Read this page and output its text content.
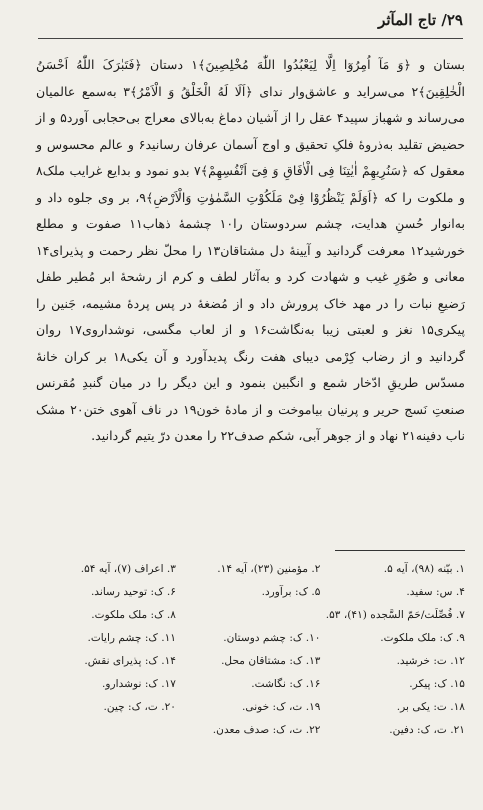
۲۹/ تاج المآثر
بستان و ﴿وَ مَآ اُمِرُوٓا اِلَّا لِیَعْبُدُوا اللّٰهَ مُخْلِصِینَ﴾۱ دستان ﴿فَتَبٰرَکَ اللّٰهُ اَحْسَنُ الْخٰلِقِینَ﴾۲ می‌سراید و عاشق‌وار ندای ﴿اَلَا لَهُ الْخَلْقُ وَ الْاَمْرُ﴾۳ به‌سمع عالمیان می‌رساند و شهباز سپید۴ عقل را از آشیان دماغ به‌بالای معراج بی‌حجابی آورد۵ و از حضیض تقلید به‌ذروهٔ فلکِ تحقیق و اوج آسمان عرفان رسانید۶ و عالم محسوس و معقول که ﴿سَنُرِیهِمْ اٰیٰتِنَا فِی الْاٰفَاقِ وَ فِیٓ اَنْفُسِهِمْ﴾۷ بدو نمود و بدایع غرایب ملک۸ و ملکوت را که ﴿اَوَلَمْ یَنْظُرُوْا فِیْ مَلَکُوْتِ السَّمٰوٰتِ وَالْاَرْضِ﴾۹، بر وی جلوه داد و به‌انوار حُسنِ هدایت، چشم سردوستان را۱۰ چشمهٔ ذهاب۱۱ صفوت و مطلع خورشید۱۲ معرفت گردانید و آیینهٔ دل مشتاقان۱۳ را محلّ نظر رحمت و پذیرای۱۴ معانی و صُوَرِ غیب و شهادت کرد و به‌آثار لطف و کرم از رشحهٔ ابر مُطیر طفل رَضیعِ نبات را در مهد خاک پرورش داد و از مُضغهٔ در پس پردهٔ مشیمه، جَنین را پیکری۱۵ نغز و لعبتی زیبا به‌نگاشت۱۶ و از لعاب مگسی، نوشداروی۱۷ روان گردانید و از رضاب کِرْمی دیبای هفت رنگ پدیدآورد و آن یکی۱۸ بر کران خانهٔ مسدّس طریقِ ادّخار شمع و انگبین بنمود و این دیگر را در میان گنبدِ مُقرنس صنعتِ نَسج حریر و پرنیان بیاموخت و از مادهٔ خون۱۹ در ناف آهوی ختن۲۰ مشک ناب دفینه۲۱ نهاد و از جوهر آبی، شکم صدف۲۲ را معدن درّ یتیم گردانید.
۱. بیّنه (۹۸)، آیه ۵.
۲. مؤمنین (۲۳)، آیه ۱۴.
۳. اعراف (۷)، آیه ۵۴.
۴. س: سفید.
۵. ک: برآورد.
۶. ک: توحید رساند.
۷. فُصِّلَت/حَمّ السَّجده (۴۱)، ۵۳.
۸. ک: ملک ملکوت.
۹. ک: ملک ملکوت.
۱۰. ک: چشم دوستان.
۱۱. ک: چشم رایات.
۱۲. ت: خرشید.
۱۳. ک: مشتاقان محل.
۱۴. ک: پذیرای نقش.
۱۵. ک: پیکر.
۱۶. ک: نگاشت.
۱۷. ک: نوشدارو.
۱۸. ت: یکی بر.
۱۹. ت، ک: خونی.
۲۰. ت، ک: چین.
۲۱. ت، ک: دفین.
۲۲. ت، ک: صدف معدن.
